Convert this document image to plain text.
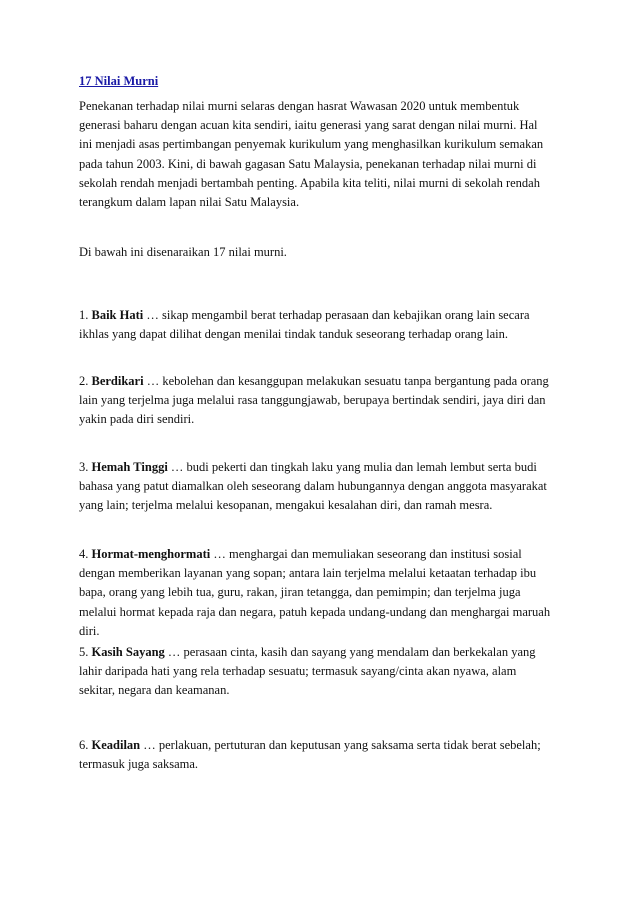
17 Nilai Murni
Penekanan terhadap nilai murni selaras dengan hasrat Wawasan 2020 untuk membentuk
generasi baharu dengan acuan kita sendiri, iaitu generasi yang sarat dengan nilai murni. Hal
ini menjadi asas pertimbangan penyemak kurikulum yang menghasilkan kurikulum semakan
pada tahun 2003. Kini, di bawah gagasan Satu Malaysia, penekanan terhadap nilai murni di
sekolah rendah menjadi bertambah penting. Apabila kita teliti, nilai murni di sekolah rendah
terangkum dalam lapan nilai Satu Malaysia.
Di bawah ini disenaraikan 17 nilai murni.
1. Baik Hati … sikap mengambil berat terhadap perasaan dan kebajikan orang lain secara
ikhlas yang dapat dilihat dengan menilai tindak tanduk seseorang terhadap orang lain.
2. Berdikari … kebolehan dan kesanggupan melakukan sesuatu tanpa bergantung pada orang
lain yang terjelma juga melalui rasa tanggungjawab, berupaya bertindak sendiri, jaya diri dan
yakin pada diri sendiri.
3. Hemah Tinggi … budi pekerti dan tingkah laku yang mulia dan lemah lembut serta budi
bahasa yang patut diamalkan oleh seseorang dalam hubungannya dengan anggota masyarakat
yang lain; terjelma melalui kesopanan, mengakui kesalahan diri, dan ramah mesra.
4. Hormat-menghormati … menghargai dan memuliakan seseorang dan institusi sosial
dengan memberikan layanan yang sopan; antara lain terjelma melalui ketaatan terhadap ibu
bapa, orang yang lebih tua, guru, rakan, jiran tetangga, dan pemimpin; dan terjelma juga
melalui hormat kepada raja dan negara, patuh kepada undang-undang dan menghargai maruah
diri.
5. Kasih Sayang … perasaan cinta, kasih dan sayang yang mendalam dan berkekalan yang
lahir daripada hati yang rela terhadap sesuatu; termasuk sayang/cinta akan nyawa, alam
sekitar, negara dan keamanan.
6. Keadilan … perlakuan, pertuturan dan keputusan yang saksama serta tidak berat sebelah;
termasuk juga saksama.
